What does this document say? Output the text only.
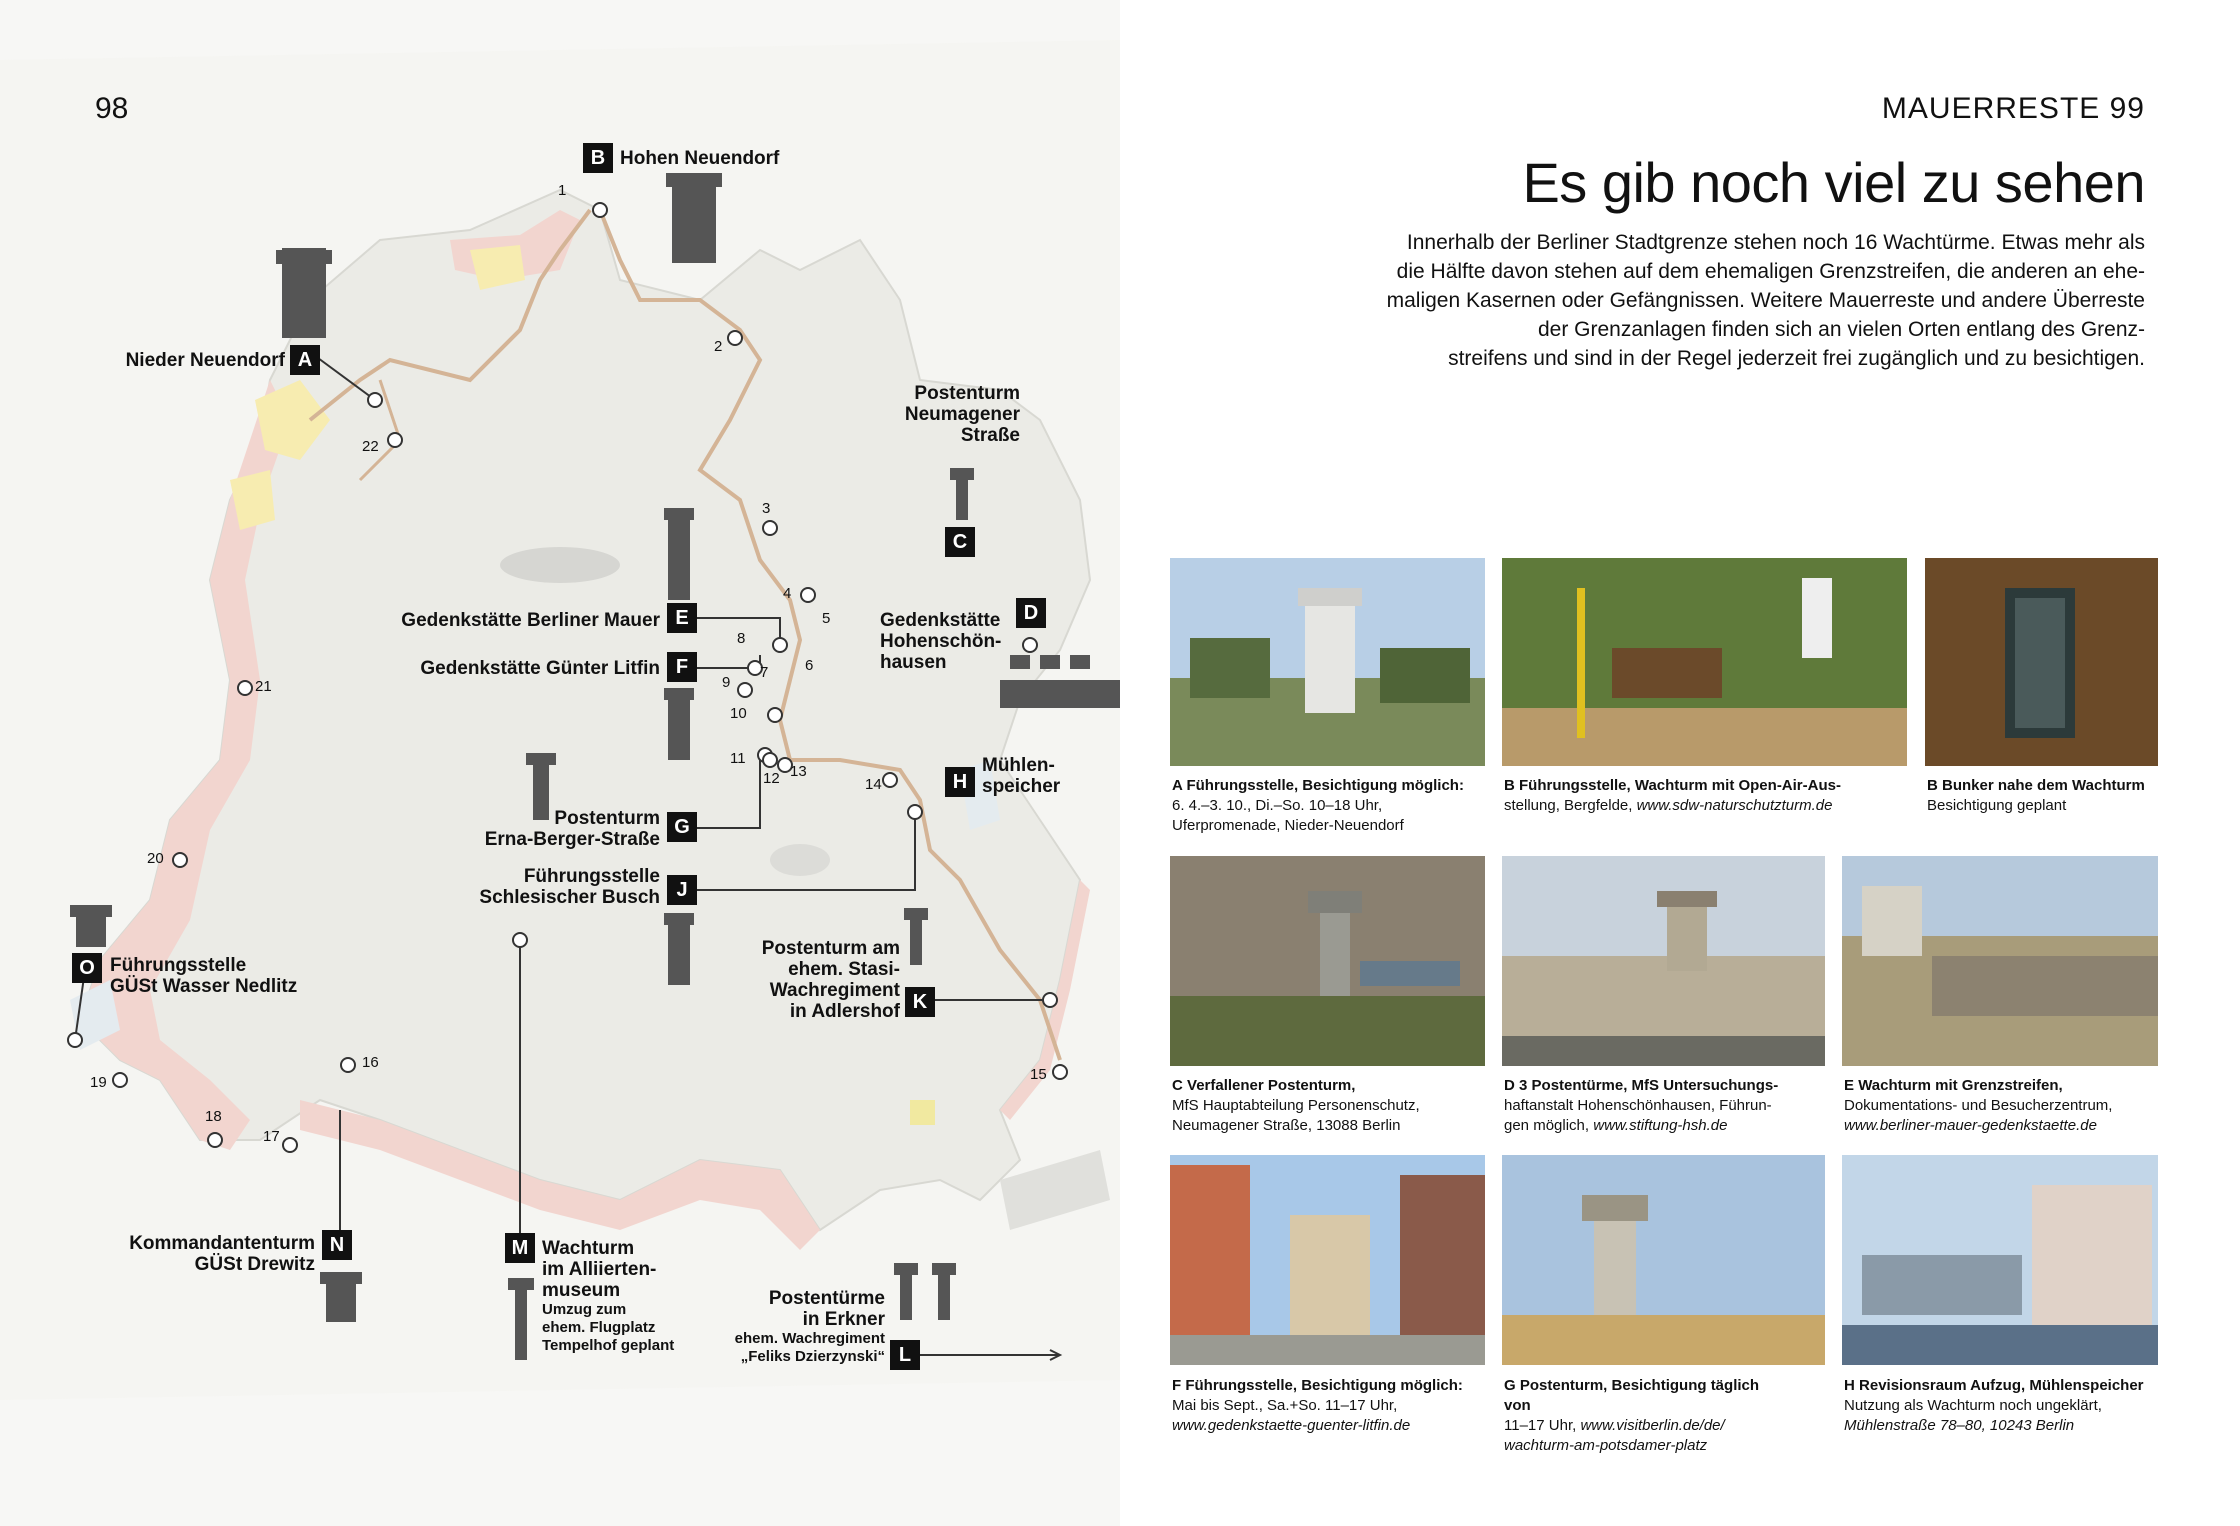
98
Nieder Neuendorf A
B Hohen Neuendorf
Postenturm
Neumagener
Straße
C
Gedenkstätte
Hohenschön-
hausen
D
Gedenkstätte Berliner Mauer E
Gedenkstätte Günter Litfin F
Postenturm
Erna-Berger-Straße
G
H
Mühlen-
speicher
Führungsstelle
Schlesischer Busch J
Postenturm am
ehem. Stasi-
Wachregiment
in Adlershof K
Postentürme
in Erkner
ehem. Wachregiment
„Feliks Dzierzynski“ L
M Wachturm
im Alliierten-
museum
Umzug zum
ehem. Flugplatz
Tempelhof geplant
Kommandantenturm
GÜSt Drewitz
N
O Führungsstelle
GÜSt Wasser Nedlitz
1
2
3
4
5
6
7
8
9
10
11
12 13
14
15
16
17
18
19
20
21
22
MAUERRESTE 99
Es gib noch viel zu sehen

Innerhalb der Berliner Stadtgrenze stehen noch 16 Wachtürme. Etwas mehr als

die Hälfte davon stehen auf dem ehemaligen Grenzstreifen, die anderen an ehe-

maligen Kasernen oder Gefängnissen. Weitere Mauerreste und andere Überreste

der Grenzanlagen finden sich an vielen Orten entlang des Grenz-

streifens und sind in der Regel jederzeit frei zugänglich und zu besichtigen.

A Führungsstelle, Besichtigung möglich:
6. 4.–3. 10., Di.–So. 10–18 Uhr,
Uferpromenade, Nieder-Neuendorf
B Führungsstelle, Wachturm mit Open-Air-Aus-
stellung, Bergfelde, www.sdw-naturschutzturm.de
B Bunker nahe dem Wachturm
Besichtigung geplant
C Verfallener Postenturm,
MfS Hauptabteilung Personenschutz,
Neumagener Straße, 13088 Berlin
D 3 Postentürme, MfS Untersuchungs-
haftanstalt Hohenschönhausen, Führun-
gen möglich, www.stiftung-hsh.de
E Wachturm mit Grenzstreifen,
Dokumentations- und Besucherzentrum,
www.berliner-mauer-gedenkstaette.de
F Führungsstelle, Besichtigung möglich:
Mai bis Sept., Sa.+So. 11–17 Uhr,
www.gedenkstaette-guenter-litfin.de
G Postenturm, Besichtigung täglich von
11–17 Uhr, www.visitberlin.de/de/ wachturm-am-potsdamer-platz
H Revisionsraum Aufzug, Mühlenspeicher
Nutzung als Wachturm noch ungeklärt,
Mühlenstraße 78–80, 10243 Berlin
